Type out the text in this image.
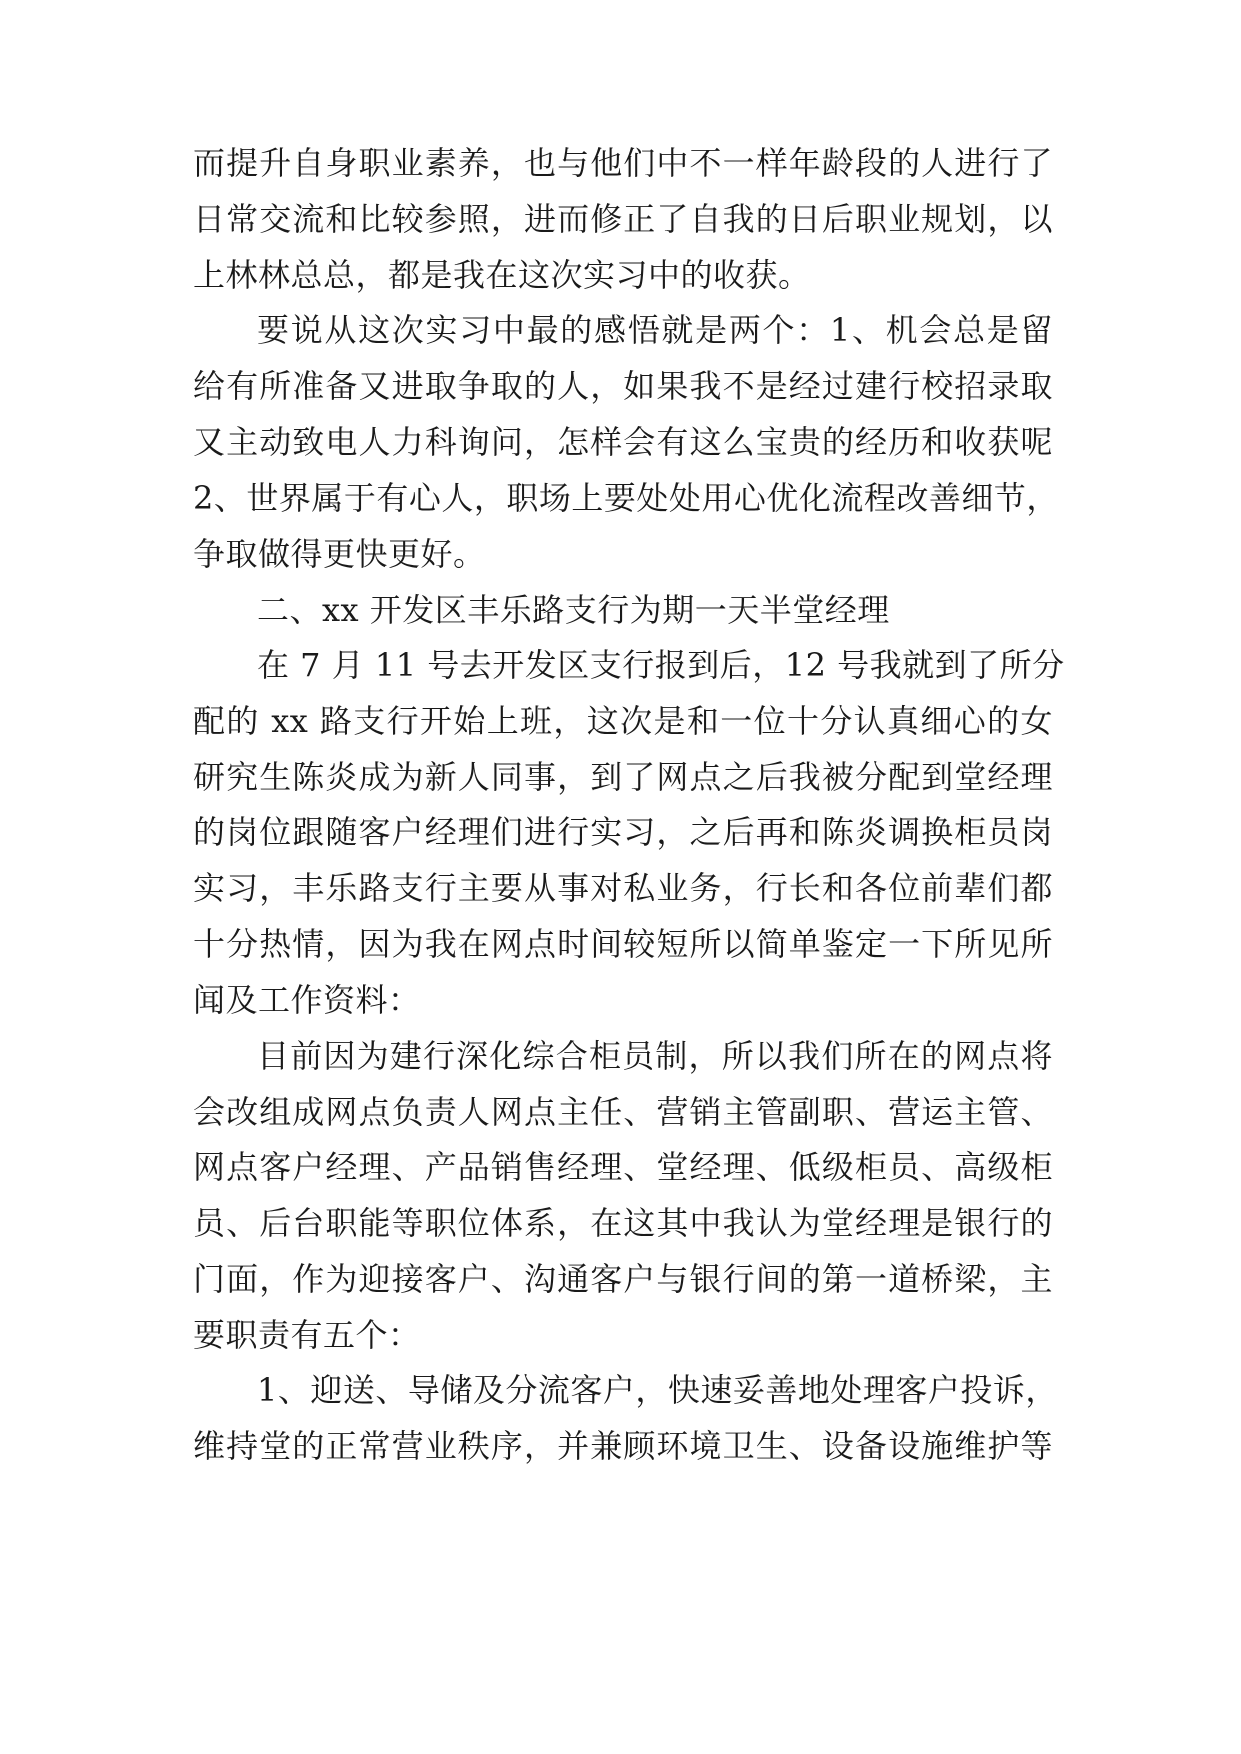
而提升自身职业素养，也与他们中不一样年龄段的人进行了
日常交流和比较参照，进而修正了自我的日后职业规划，以
上林林总总，都是我在这次实习中的收获。
要说从这次实习中最的感悟就是两个：1、机会总是留
给有所准备又进取争取的人，如果我不是经过建行校招录取
又主动致电人力科询问，怎样会有这么宝贵的经历和收获呢
2、世界属于有心人，职场上要处处用心优化流程改善细节，
争取做得更快更好。
二、xx 开发区丰乐路支行为期一天半堂经理
在 7 月 11 号去开发区支行报到后，12 号我就到了所分
配的 xx 路支行开始上班，这次是和一位十分认真细心的女
研究生陈炎成为新人同事，到了网点之后我被分配到堂经理
的岗位跟随客户经理们进行实习，之后再和陈炎调换柜员岗
实习，丰乐路支行主要从事对私业务，行长和各位前辈们都
十分热情，因为我在网点时间较短所以简单鉴定一下所见所
闻及工作资料：
目前因为建行深化综合柜员制，所以我们所在的网点将
会改组成网点负责人网点主任、营销主管副职、营运主管、
网点客户经理、产品销售经理、堂经理、低级柜员、高级柜
员、后台职能等职位体系，在这其中我认为堂经理是银行的
门面，作为迎接客户、沟通客户与银行间的第一道桥梁，主
要职责有五个：
1、迎送、导储及分流客户，快速妥善地处理客户投诉，
维持堂的正常营业秩序，并兼顾环境卫生、设备设施维护等
